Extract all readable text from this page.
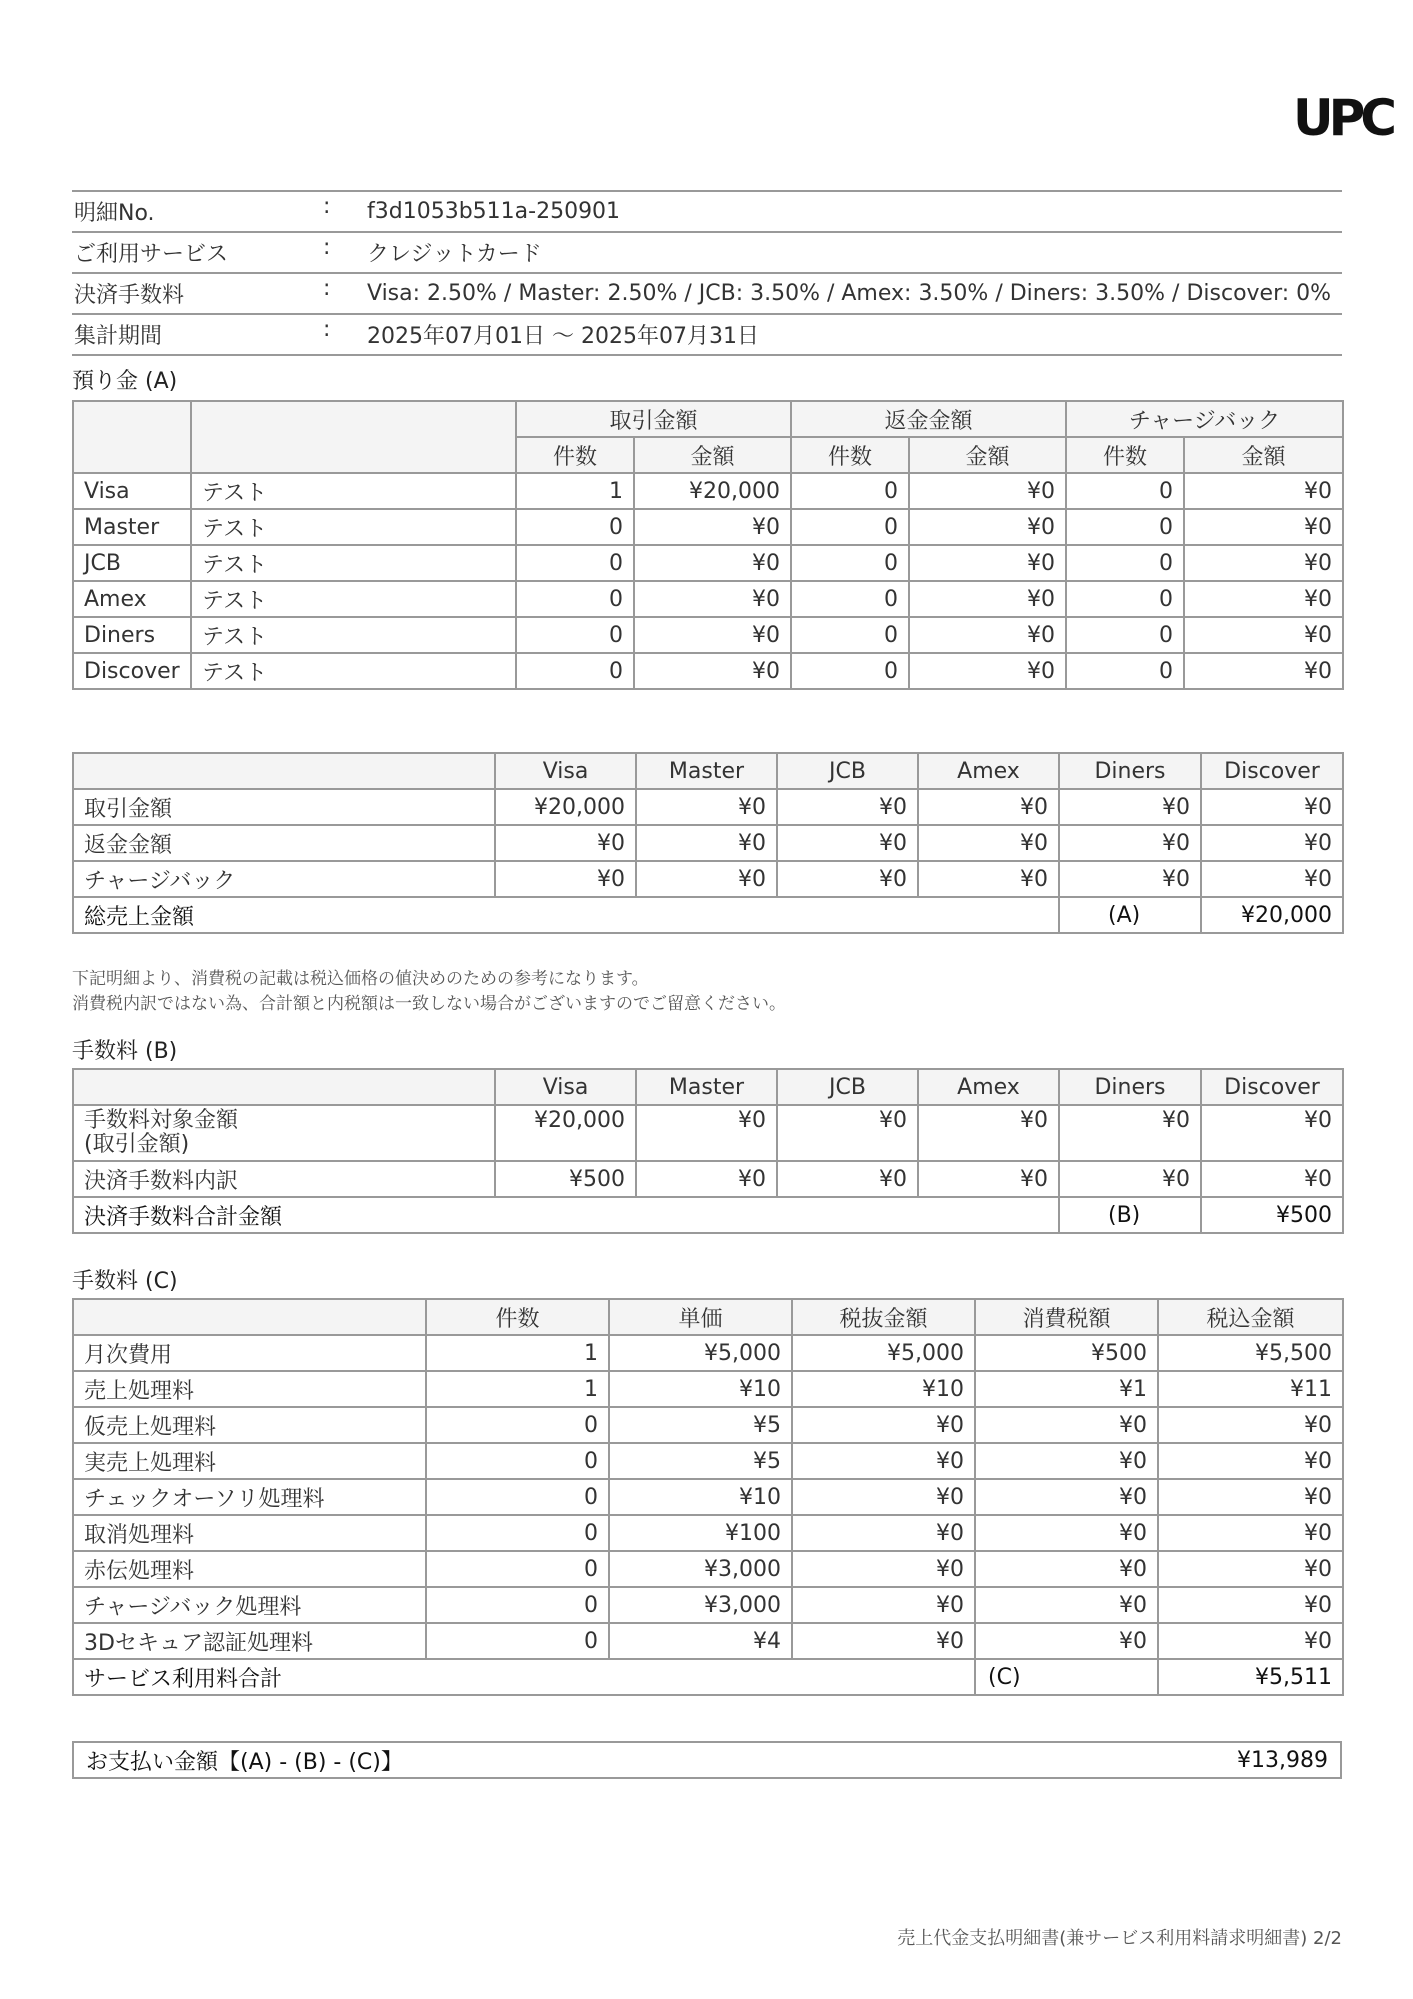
UPC
明細No.	:	f3d1053b511a-250901
ご利用サービス	:	クレジットカード
決済手数料	:	Visa: 2.50% / Master: 2.50% / JCB: 3.50% / Amex: 3.50% / Diners: 3.50% / Discover: 0%
集計期間	:	2025年07月01日 ～ 2025年07月31日
預り金 (A)
		取引金額		返金金額		チャージバック	
		件数	金額	件数	金額	件数	金額
Visa	テスト	1	¥20,000	0	¥0	0	¥0
Master	テスト	0	¥0	0	¥0	0	¥0
JCB	テスト	0	¥0	0	¥0	0	¥0
Amex	テスト	0	¥0	0	¥0	0	¥0
Diners	テスト	0	¥0	0	¥0	0	¥0
Discover	テスト	0	¥0	0	¥0	0	¥0
	Visa	Master	JCB	Amex	Diners	Discover
取引金額	¥20,000	¥0	¥0	¥0	¥0	¥0
返金金額	¥0	¥0	¥0	¥0	¥0	¥0
チャージバック	¥0	¥0	¥0	¥0	¥0	¥0
総売上金額					(A)	¥20,000
下記明細より、消費税の記載は税込価格の値決めのための参考になります。
消費税内訳ではない為、合計額と内税額は一致しない場合がございますのでご留意ください。
手数料 (B)
	Visa	Master	JCB	Amex	Diners	Discover

手数料対象金額
(取引金額)	¥20,000	¥0	¥0	¥0	¥0	¥0
決済手数料内訳	¥500	¥0	¥0	¥0	¥0	¥0
決済手数料合計金額					(B)	¥500
手数料 (C)
	件数	単価	税抜金額	消費税額	税込金額
月次費用	1	¥5,000	¥5,000	¥500	¥5,500
売上処理料	1	¥10	¥10	¥1	¥11
仮売上処理料	0	¥5	¥0	¥0	¥0
実売上処理料	0	¥5	¥0	¥0	¥0
チェックオーソリ処理料	0	¥10	¥0	¥0	¥0
取消処理料	0	¥100	¥0	¥0	¥0
赤伝処理料	0	¥3,000	¥0	¥0	¥0
チャージバック処理料	0	¥3,000	¥0	¥0	¥0
3Dセキュア認証処理料	0	¥4	¥0	¥0	¥0
サービス利用料合計				(C)	¥5,511
お支払い金額【(A) - (B) - (C)】	¥13,989
売上代金支払明細書(兼サービス利用料請求明細書) 2/2
